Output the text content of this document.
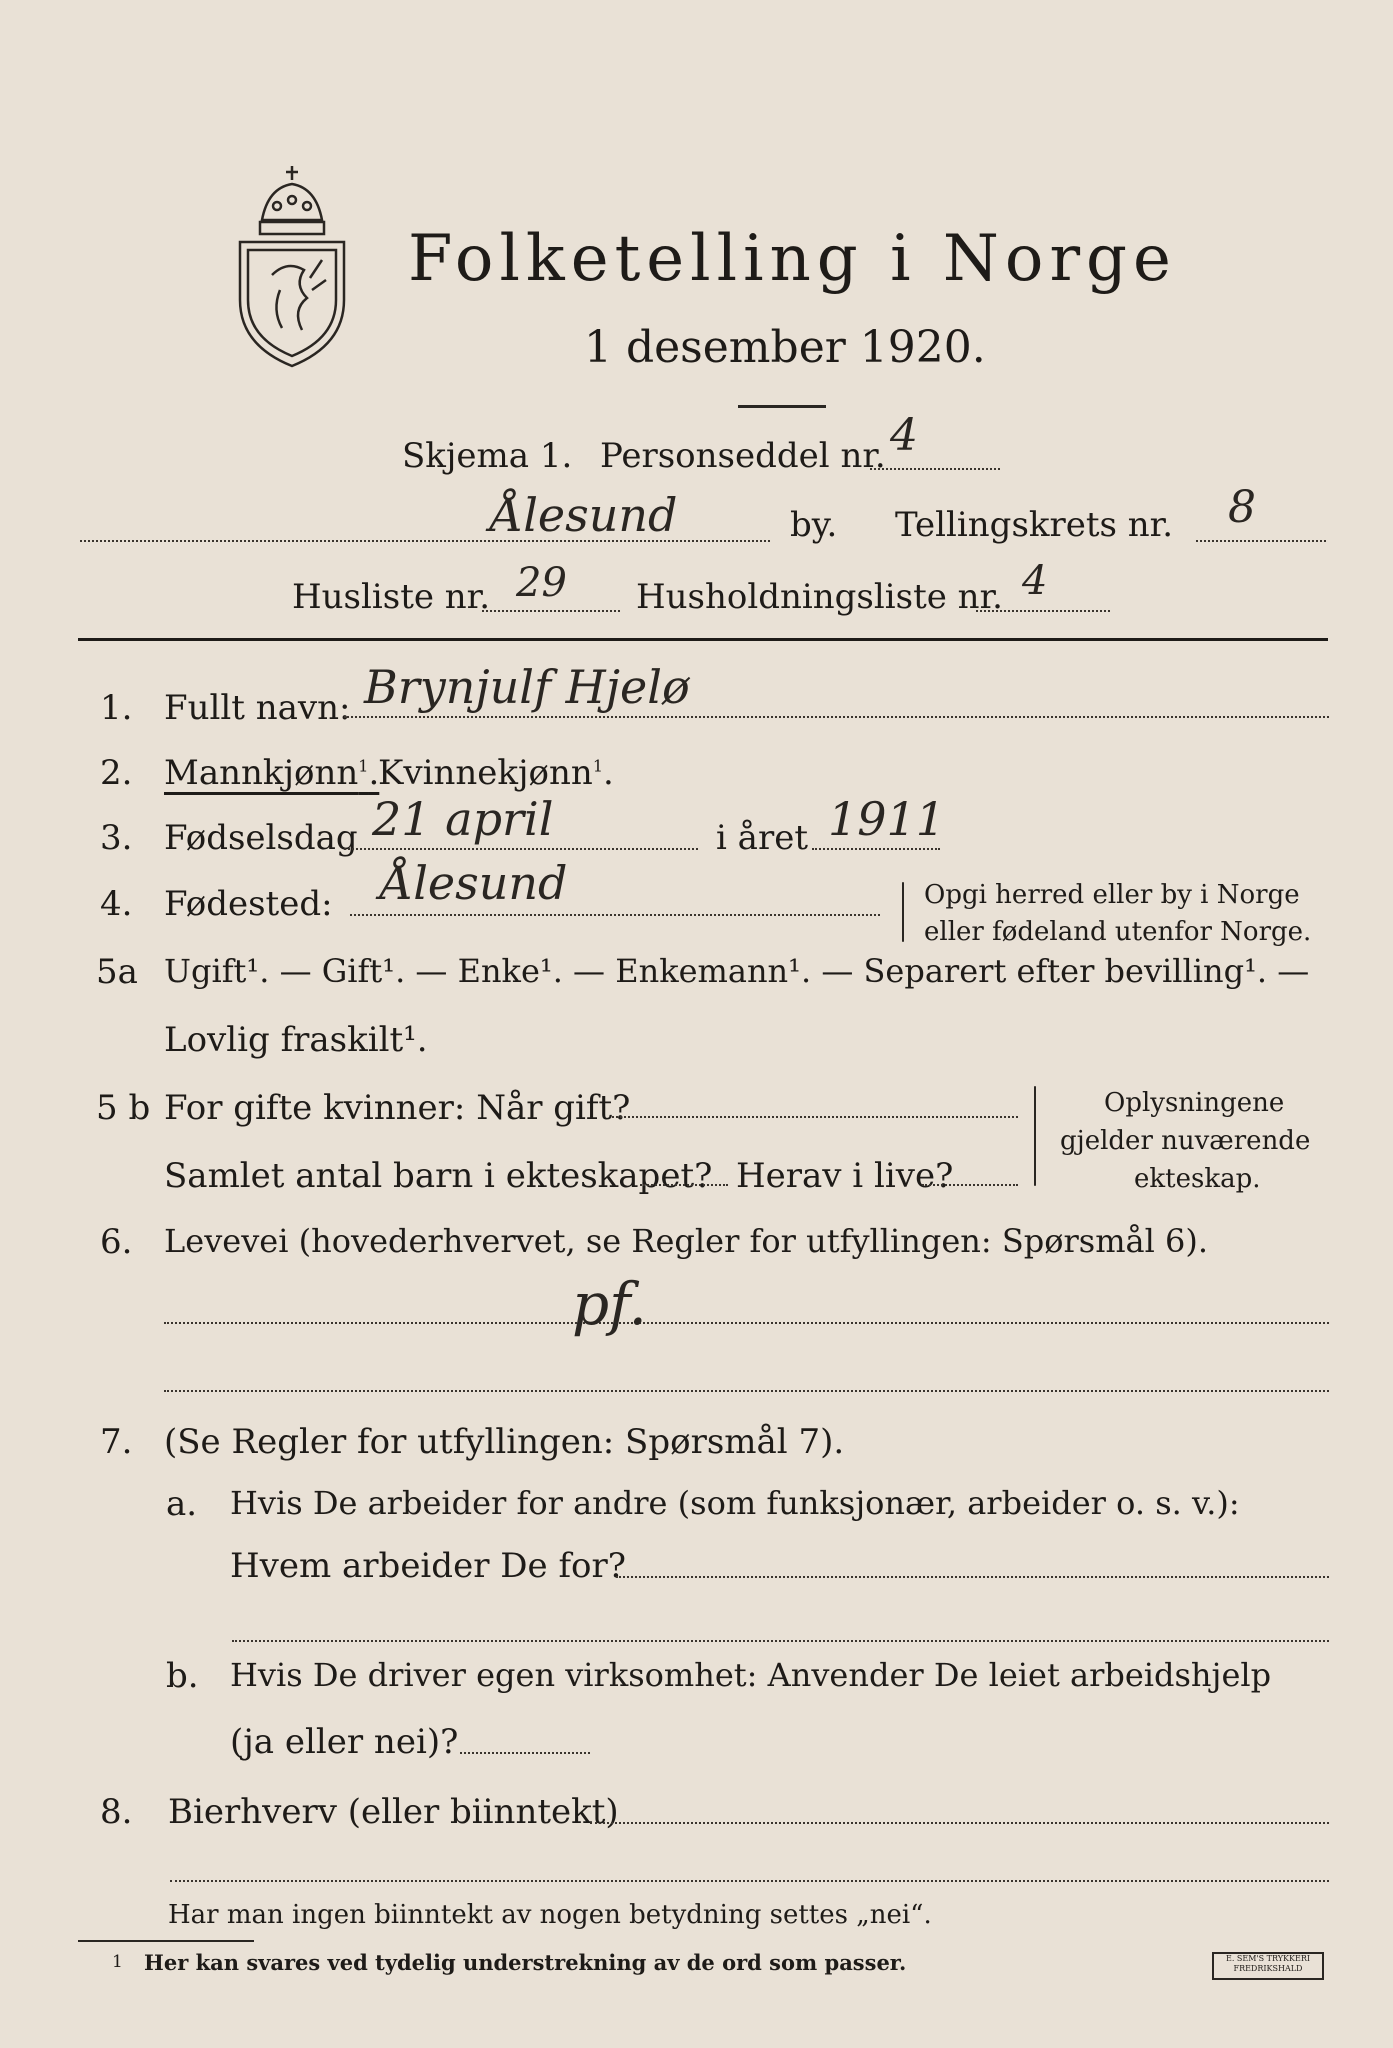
Folketelling i Norge
1 desember 1920.
Skjema 1. Personseddel nr. 4
Ålesund	by. Tellingskrets nr. 8
Husliste nr. 29 Husholdningsliste nr. 4
1. Fullt navn: Brynjulf Hjelø
2. Mannkjønn$^1$.
Kvinnekjønn$^1$.
3. Fødselsdag 21 april	i året 1911
4. Fødested: Ålesund	Opgi herred eller by i Norge
eller fødeland utenfor Norge.
5a Ugift¹. — Gift¹. — Enke¹. — Enkemann¹. — Separert efter bevilling¹. —
Lovlig fraskilt¹.
5 b For gifte kvinner: Når gift?
Samlet antal barn i ekteskapet? Herav i live?
Oplysningene
gjelder nuværende
ekteskap.
6. Levevei (hovederhvervet, se Regler for utfyllingen: Spørsmål 6).
pf.
7. (Se Regler for utfyllingen: Spørsmål 7).
a. Hvis De arbeider for andre (som funksjonær, arbeider o. s. v.):
Hvem arbeider De for?
b. Hvis De driver egen virksomhet: Anvender De leiet arbeidshjelp
(ja eller nei)?
8.	Bierhverv (eller biinntekt)
Har man ingen biinntekt av nogen betydning settes „nei“.
1 Her kan svares ved tydelig understrekning av de ord som passer.	E. SEM'S TRYKKERI
FREDRIKSHALD
